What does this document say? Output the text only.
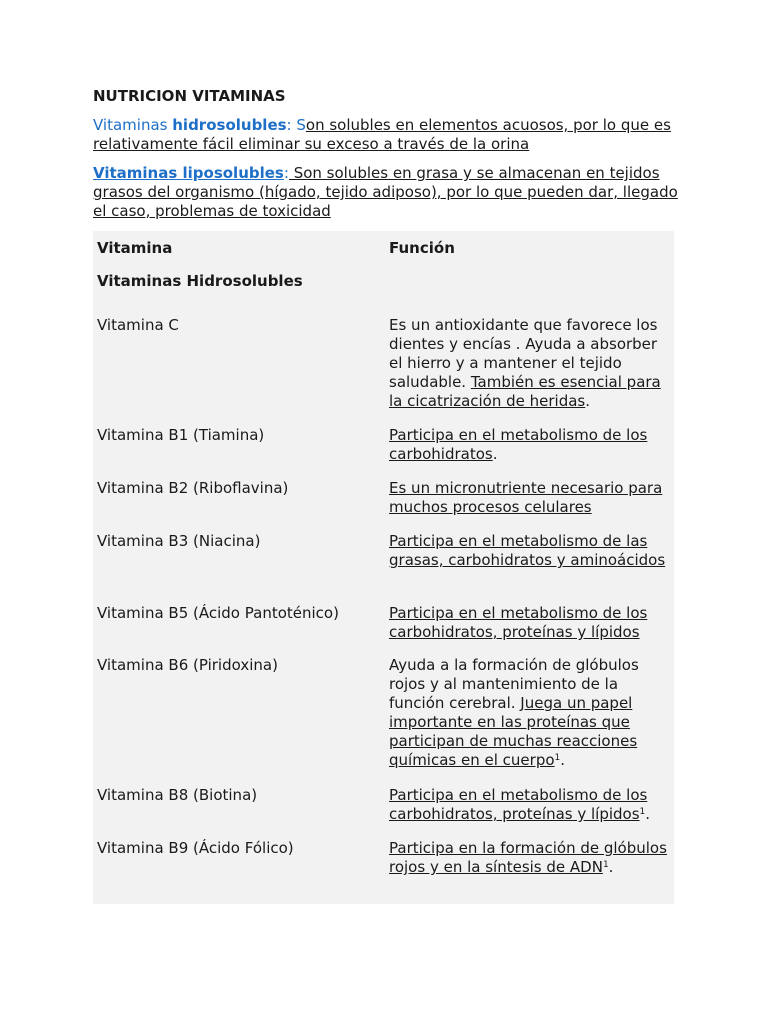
NUTRICION VITAMINAS

Vitaminas hidrosolubles: Son solubles en elementos acuosos, por lo que es relativamente fácil eliminar su exceso a través de la orina

Vitaminas liposolubles: Son solubles en grasa y se almacenan en tejidos grasos del organismo (hígado, tejido adiposo), por lo que pueden dar, llegado el caso, problemas de toxicidad

Vitamina	Función
Vitaminas Hidrosolubles
Vitamina C	Es un antioxidante que favorece los dientes y encías . Ayuda a absorber el hierro y a mantener el tejido saludable. También es esencial para la cicatrización de heridas.
Vitamina B1 (Tiamina)	Participa en el metabolismo de los carbohidratos.
Vitamina B2 (Riboflavina)	Es un micronutriente necesario para muchos procesos celulares
Vitamina B3 (Niacina)	Participa en el metabolismo de las grasas, carbohidratos y aminoácidos
Vitamina B5 (Ácido Pantoténico)	Participa en el metabolismo de los carbohidratos, proteínas y lípidos
Vitamina B6 (Piridoxina)	Ayuda a la formación de glóbulos rojos y al mantenimiento de la función cerebral. Juega un papel importante en las proteínas que participan de muchas reacciones químicas en el cuerpo$^1$.
Vitamina B8 (Biotina)	Participa en el metabolismo de los carbohidratos, proteínas y lípidos$^1$.
Vitamina B9 (Ácido Fólico)	Participa en la formación de glóbulos rojos y en la síntesis de ADN$^1$.
